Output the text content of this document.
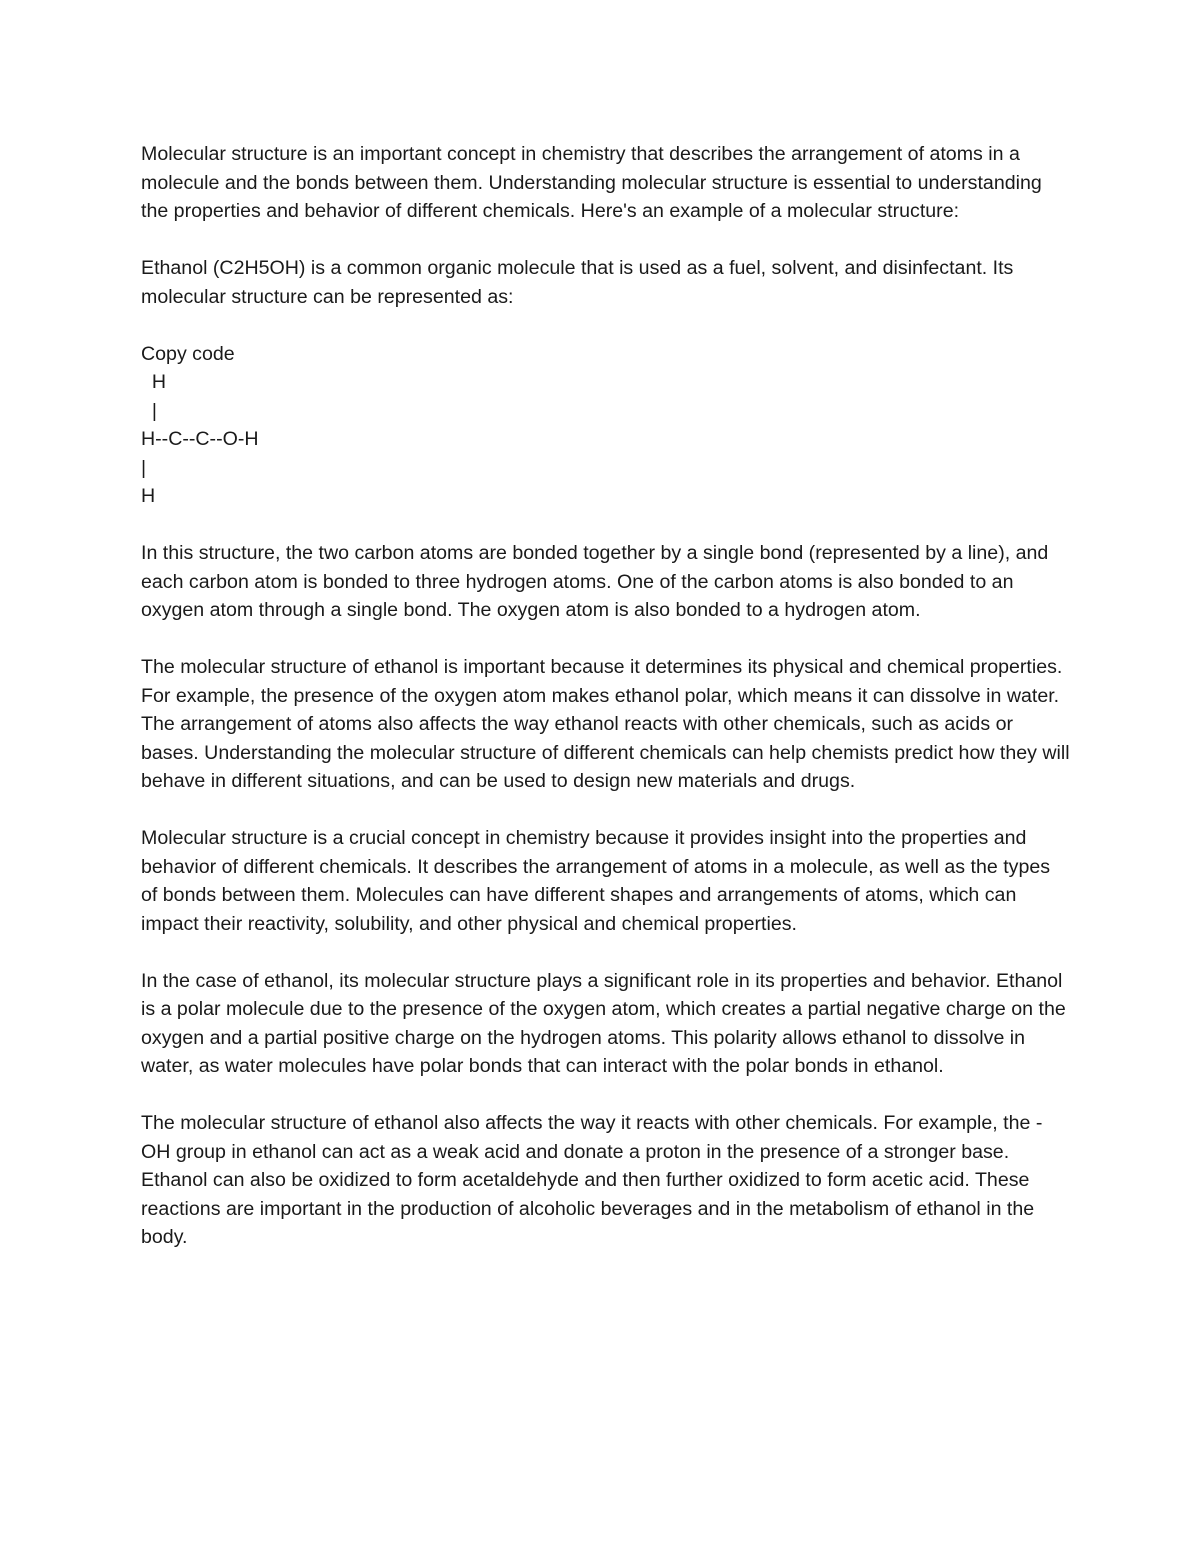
Molecular structure is an important concept in chemistry that describes the arrangement of atoms in a molecule and the bonds between them. Understanding molecular structure is essential to understanding the properties and behavior of different chemicals. Here's an example of a molecular structure:

Ethanol (C2H5OH) is a common organic molecule that is used as a fuel, solvent, and disinfectant. Its molecular structure can be represented as:

Copy code
H
|
H--C--C--O-H
|
H

In this structure, the two carbon atoms are bonded together by a single bond (represented by a line), and each carbon atom is bonded to three hydrogen atoms. One of the carbon atoms is also bonded to an oxygen atom through a single bond. The oxygen atom is also bonded to a hydrogen atom.

The molecular structure of ethanol is important because it determines its physical and chemical properties. For example, the presence of the oxygen atom makes ethanol polar, which means it can dissolve in water. The arrangement of atoms also affects the way ethanol reacts with other chemicals, such as acids or bases. Understanding the molecular structure of different chemicals can help chemists predict how they will behave in different situations, and can be used to design new materials and drugs.

Molecular structure is a crucial concept in chemistry because it provides insight into the properties and behavior of different chemicals. It describes the arrangement of atoms in a molecule, as well as the types of bonds between them. Molecules can have different shapes and arrangements of atoms, which can impact their reactivity, solubility, and other physical and chemical properties.

In the case of ethanol, its molecular structure plays a significant role in its properties and behavior. Ethanol is a polar molecule due to the presence of the oxygen atom, which creates a partial negative charge on the oxygen and a partial positive charge on the hydrogen atoms. This polarity allows ethanol to dissolve in water, as water molecules have polar bonds that can interact with the polar bonds in ethanol.

The molecular structure of ethanol also affects the way it reacts with other chemicals. For example, the -OH group in ethanol can act as a weak acid and donate a proton in the presence of a stronger base. Ethanol can also be oxidized to form acetaldehyde and then further oxidized to form acetic acid. These reactions are important in the production of alcoholic beverages and in the metabolism of ethanol in the body.
